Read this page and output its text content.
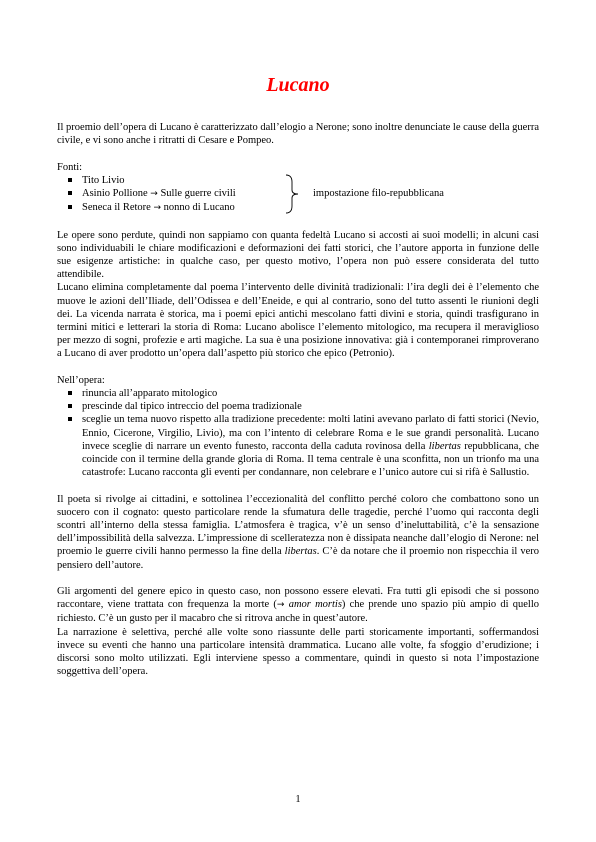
Lucano

Il proemio dell’opera di Lucano è caratterizzato dall’elogio a Nerone; sono inoltre denunciate le cause della guerra civile, e vi sono anche i ritratti di Cesare e Pompeo.

Fonti:

Tito Livio
Asinio Pollione → Sulle guerre civili
Seneca il Retore → nonno di Lucano
impostazione filo-repubblicana

Le opere sono perdute, quindi non sappiamo con quanta fedeltà Lucano si accosti ai suoi modelli; in alcuni casi sono individuabili le chiare modificazioni e deformazioni dei fatti storici, che l’autore apporta in funzione delle sue esigenze artistiche: in qualche caso, per questo motivo, l’opera non può essere considerata del tutto attendibile.

Lucano elimina completamente dal poema l’intervento delle divinità tradizionali: l’ira degli dei è l’elemento che muove le azioni dell’Iliade, dell’Odissea e dell’Eneide, e qui al contrario, sono del tutto assenti le riunioni degli dei. La vicenda narrata è storica, ma i poemi epici antichi mescolano fatti divini e storia, quindi trasfigurano in termini mitici e letterari la storia di Roma: Lucano abolisce l’elemento mitologico, ma recupera il meraviglioso per mezzo di sogni, profezie e arti magiche. La sua è una posizione innovativa: già i contemporanei rimproverano a Lucano di aver prodotto un’opera dall’aspetto più storico che epico (Petronio).

Nell’opera:

rinuncia all’apparato mitologico
prescinde dal tipico intreccio del poema tradizionale
sceglie un tema nuovo rispetto alla tradizione precedente: molti latini avevano parlato di fatti storici (Nevio, Ennio, Cicerone, Virgilio, Livio), ma con l’intento di celebrare Roma e le sue grandi personalità. Lucano invece sceglie di narrare un evento funesto, racconta della caduta rovinosa della libertas repubblicana, che coincide con il termine della grande gloria di Roma. Il tema centrale è una sconfitta, non un trionfo ma una catastrofe: Lucano racconta gli eventi per condannare, non celebrare e l’unico autore cui si rifà è Sallustio.

Il poeta si rivolge ai cittadini, e sottolinea l’eccezionalità del conflitto perché coloro che combattono sono un suocero con il cognato: questo particolare rende la sfumatura delle tragedie, perché l’uomo qui racconta degli scontri all’interno della stessa famiglia. L’atmosfera è tragica, v’è un senso d’ineluttabilità, c’è la sensazione dell’impossibilità della salvezza. L’impressione di scelleratezza non è dissipata neanche dall’elogio di Nerone: nel proemio le guerre civili hanno permesso la fine della libertas. C’è da notare che il proemio non rispecchia il vero pensiero dell’autore.

Gli argomenti del genere epico in questo caso, non possono essere elevati. Fra tutti gli episodi che si possono raccontare, viene trattata con frequenza la morte (→ amor mortis) che prende uno spazio più ampio di quello richiesto. C’è un gusto per il macabro che si ritrova anche in quest’autore.

La narrazione è selettiva, perché alle volte sono riassunte delle parti storicamente importanti, soffermandosi invece su eventi che hanno una particolare intensità drammatica. Lucano alle volte, fa sfoggio d’erudizione; i discorsi sono molto utilizzati. Egli interviene spesso a commentare, quindi in questo si nota l’impostazione soggettiva dell’opera.

1
